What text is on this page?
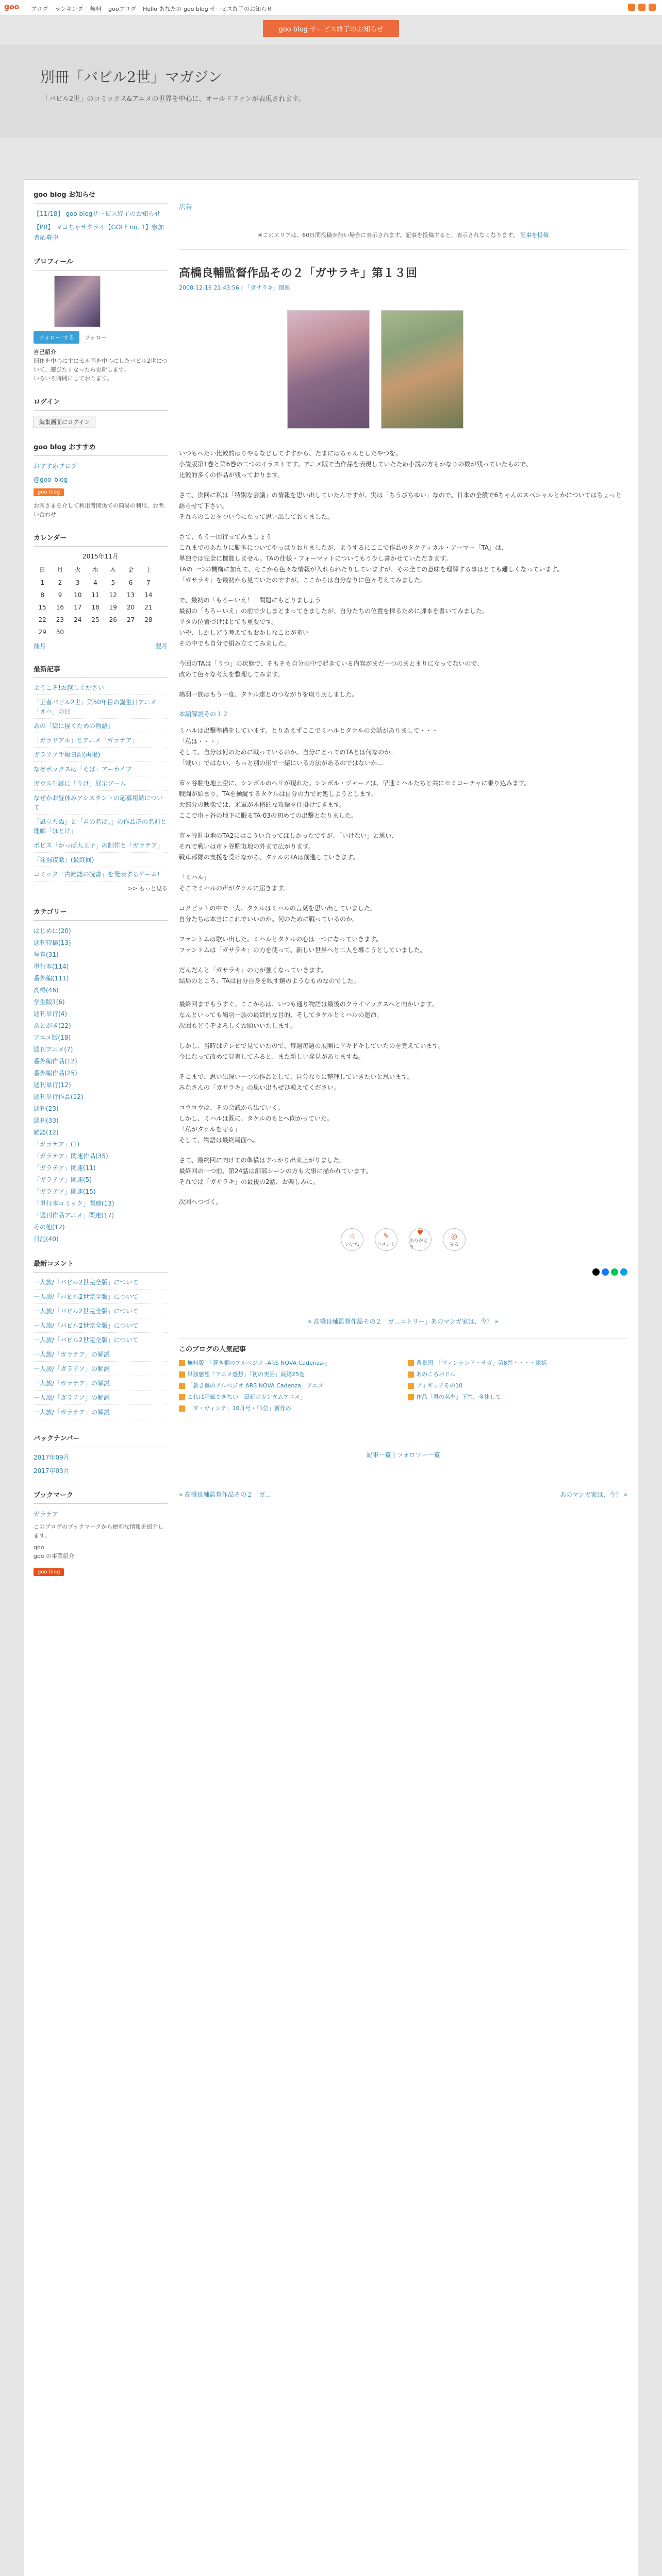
goo ブログ ランキング 無料 gooブログ Hello あなたの goo blog サービス終了のお知らせ
goo blog サービス終了のお知らせ
別冊「バビル2世」マガジン
「バビル2世」のコミックス&アニメの世界を中心に、オールドファンが表現されます。
goo blog お知らせ
【11/18】 goo blogサービス終了のお知らせ
【PR】 マコちゃサクライ【GOLF no. 1】参加者応募中
プロフィール
フォロー する フォロー
自己紹介
旧作を中心に主にセル画を中心にしたバビル2世について、遊びたくなったら更新します。
いろいろ時間にしております。
ログイン
編集画面にログイン
goo blog おすすめ
おすすめブログ
@goo_blog
goo blog
お客さまを介して利用者関係での簡易の利用、お問い合わせ
カレンダー
2015年11月
日	月	火	水	木	金	土
1	2	3	4	5	6	7
8	9	10	11	12	13	14
15	16	17	18	19	20	21
22	23	24	25	26	27	28
29	30					
前月	翌月
最新記事
ようこそ!お越しください
「王者バビル2世」第50年目の誕生日アニメ「オハ」の日
あの「絵に描くための物語」
「ガラリアル」とアニメ「ガラテア」
ガラリア手帳日記(再掲)
なぜボックスは「そば」アーカイブ
ガウス生誕に「うけ」展示ブーム
なぜかお昼休みアシスタントの応募用紙について
「風立ちぬ」と「君の名は。」の作品群の名前と理解「ほとけ」
ポピス「かっぱ大王子」の制作と「ガラテア」
「発掘夜話」(最終回)
コミック「古雑誌の読書」を発表するゲーム!
>> もっと見る
カテゴリー
はじめに(20)
週刊特撮(13)
写真(31)
単行本(114)
番外編(111)
高橋(46)
学生版1(6)
週刊単行(4)
あとがき(22)
アニメ版(18)
週刊アニメ(7)
番外編作品(12)
番外編作品(25)
週刊単行(12)
週刊単行作品(12)
週刊(23)
週刊(33)
雑誌(12)
「ガラテア」(1)
「ガラテア」関連作品(35)
「ガラテア」関連(11)
「ガラテア」関連(5)
「ガラテア」関連(15)
「単行本コミック」関連(13)
「週刊作品アニメ」関連(17)
その他(12)
日記(40)
最新コメント
一人旅/「バビル2世完全版」について
一人旅/「バビル2世完全版」について
一人旅/「バビル2世完全版」について
一人旅/「バビル2世完全版」について
一人旅/「バビル2世完全版」について
一人旅/「ガラテア」の解説
一人旅/「ガラテア」の解説
一人旅/「ガラテア」の解説
一人旅/「ガラテア」の解説
一人旅/「ガラテア」の解説
バックナンバー
2017年09月
2017年03月
ブックマーク
ガラテア
このブログのブックマークから便利な情報を紹介します。
goo
goo の事業紹介
goo blog
広告
※このエリアは、60日間投稿が無い場合に表示されます。記事を投稿すると、表示されなくなります。 記事を投稿
高橋良輔監督作品その２「ガサラキ」第１３回
2008-12-16 21:43:56 | 「ガサラキ」関連

いつもへたい比較的はりやるなどしてすすから、たまにはちゃんとしたやつを。
小説版第1巻と第6巻の二つのイラストです。アニメ版で当作品を表現していたため小説の方もかなりの数が残っていたもので、
比較的多くの作品が残っております。

さて、次回に私は「特別な会議」の情報を思い出していたんですが、実は「ちうびちゆい」なので、日本の全般で6ちゃんのスペシャルとかについてはちょっと語らせて下さい。
それらのことをつい今になって思い出しておりました。

さて、もう一回行ってみましょう
これまでのあたりに脚本についてやっぱりおりましたが、ようするにここで作品のタクティカル・アーマー「TA」は、
単独では完全に機能しません。TAの仕様・フォーマットについてもう少し書かせていただきます。
TAの一つの機構に加えて、そこから色々な情報が入れられたりしていますが、その全ての意味を理解する事はとても難しくなっています。
「ガサラキ」を最初から見ていたのですが、ここからは自分なりに色々考えてみました。

で、最初の「もろーいえ！」問題にもどりましょう
最初の「もろーいえ」の前で少しまとまってきましたが、自分たちの位置を探るために脚本を書いてみました。
リタの位置づけはとても重要です。
いや、しかしどう考えてもおかしなことが多い
その中でも自分で組み立ててみました。

今回のTAは「うつ」の状態で、そもそも自分の中で起きている内容がまだ一つのまとまりになってないので、
改めて色々な考えを整理してみます。

鳩羽一族はもう一度、タケル達とのつながりを取り戻しました。

本編解説その１２

ミハルは出撃準備をしています。とりあえずここでミハルとタケルの会話がありまして・・・
「私は・・・」
そして、自分は何のために戦っているのか。自分にとってのTAとは何なのか。
「戦い」ではない、もっと別の形で一緒にいる方法があるのではないか…

市ヶ谷駐屯地上空に、シンボルのヘリが現れた。シンボル・ジャーノは、早速ミハルたちと共にセミコーチャに乗り込みます。
戦闘が始まり、TAを操縦するタケルは自分の力で対処しようとします。
大部分の映像では、米軍が本格的な攻撃を仕掛けてきます。
ここで市ヶ谷の地下に眠るTA-03の初めての出撃となりました。

市ヶ谷駐屯地のTA2にはこうい合ってほしかったですが、「いけない」と思い、
それで戦いは市ヶ谷駐屯地の外まで広がります。
戦車部隊の支援を受けながら、タケルのTAは前進していきます。

「ミハル」
そこでミハルの声がタケルに届きます。

コクピットの中で一人、タケルはミハルの言葉を思い出していました。
自分たちは本当にこれでいいのか。何のために戦っているのか。

ファントムは歌い出した。ミハルとタケルの心は一つになっていきます。
ファントムは「ガサラキ」の力を使って、新しい世界へと二人を導こうとしていました。

だんだんと「ガサラキ」の力が強くなっていきます。
結局のところ、TAは自分自身を映す鏡のようなものなのでした。

最終回までもうすぐ。ここからは、いつも通り物語は最後のクライマックスへと向かいます。
なんといっても鳩羽一族の最終的な目的、そしてタケルとミハルの運命。
次回もどうぞよろしくお願いいたします。

しかし、当時はテレビで見ていたので、毎週毎週の展開にドキドキしていたのを覚えています。
今になって改めて見直してみると、また新しい発見がありますね。

そこまで、思い出深い一つの作品として、自分なりに整理していきたいと思います。
みなさんの「ガサラキ」の思い出もぜひ教えてください。

コウロウは、その会議から出ていく。
しかし、ミハルは既に、タケルのもとへ向かっていた。
「私がタケルを守る」
そして、物語は最終局面へ。

さて、最終回に向けての準備はすっかり出来上がりました。
最終回の一つ前、第24話は細部シーンの方も大事に描かれています。
それでは「ガサラキ」の最後の2話、お楽しみに。

次回へつづく。

☆
いいね
✎
コメント
♥
ありがとう
◎
見る
« 高橋良輔監督作品その２「ガ...ユトリー」あのマンガ家は、今？ »
このブログの人気記事
無料版　「蒼き鋼のアルペジオ -ARS NOVA Cadenza-」	背景図　「ヴィンランド・サガ」第8巻・・・・総括
単独感想「アニメ感想」「初の実話」最終25巻	あのころパドル
「蒼き鋼のアルペジオ ARS NOVA Cadenza」アニメ	フィギュアその10
これは評価できない「最新のガンダムアニメ」	作品「君の名を」下巻、全体して
「ダ・ヴィンチ」10月号・「1位」新作の
記事一覧 | フォロワー一覧
« 高橋良輔監督作品その２「ガ...	あのマンガ家は、今？ »
